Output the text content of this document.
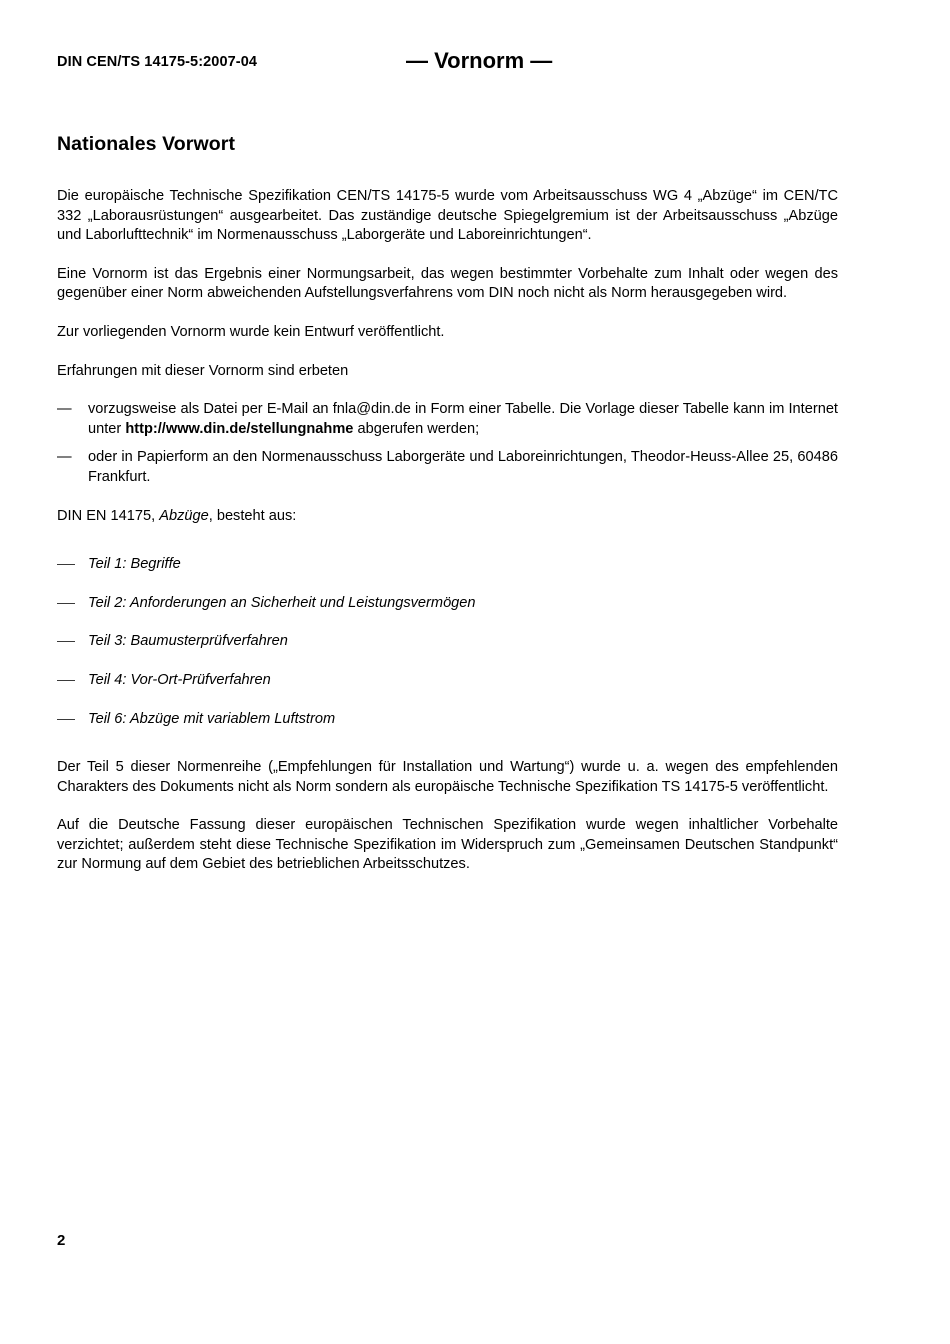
DIN CEN/TS 14175-5:2007-04	— Vornorm —
Nationales Vorwort

Die europäische Technische Spezifikation CEN/TS 14175-5 wurde vom Arbeitsausschuss WG 4 „Abzüge“ im CEN/TC 332 „Laborausrüstungen“ ausgearbeitet. Das zuständige deutsche Spiegelgremium ist der Arbeitsausschuss „Abzüge und Laborlufttechnik“ im Normenausschuss „Laborgeräte und Laboreinrichtungen“.

Eine Vornorm ist das Ergebnis einer Normungsarbeit, das wegen bestimmter Vorbehalte zum Inhalt oder wegen des gegenüber einer Norm abweichenden Aufstellungsverfahrens vom DIN noch nicht als Norm herausgegeben wird.

Zur vorliegenden Vornorm wurde kein Entwurf veröffentlicht.

Erfahrungen mit dieser Vornorm sind erbeten

—	vorzugsweise als Datei per E-Mail an fnla@din.de in Form einer Tabelle. Die Vorlage dieser Tabelle kann im Internet unter http://www.din.de/stellungnahme abgerufen werden;
—	oder in Papierform an den Normenausschuss Laborgeräte und Laboreinrichtungen, Theodor-Heuss-Allee 25, 60486 Frankfurt.

DIN EN 14175, Abzüge, besteht aus:

Teil 1: Begriffe
Teil 2: Anforderungen an Sicherheit und Leistungsvermögen
Teil 3: Baumusterprüfverfahren
Teil 4: Vor-Ort-Prüfverfahren
Teil 6: Abzüge mit variablem Luftstrom

Der Teil 5 dieser Normenreihe („Empfehlungen für Installation und Wartung“) wurde u. a. wegen des empfehlenden Charakters des Dokuments nicht als Norm sondern als europäische Technische Spezifikation TS 14175-5 veröffentlicht.

Auf die Deutsche Fassung dieser europäischen Technischen Spezifikation wurde wegen inhaltlicher Vorbehalte verzichtet; außerdem steht diese Technische Spezifikation im Widerspruch zum „Gemeinsamen Deutschen Standpunkt“ zur Normung auf dem Gebiet des betrieblichen Arbeitsschutzes.

2
